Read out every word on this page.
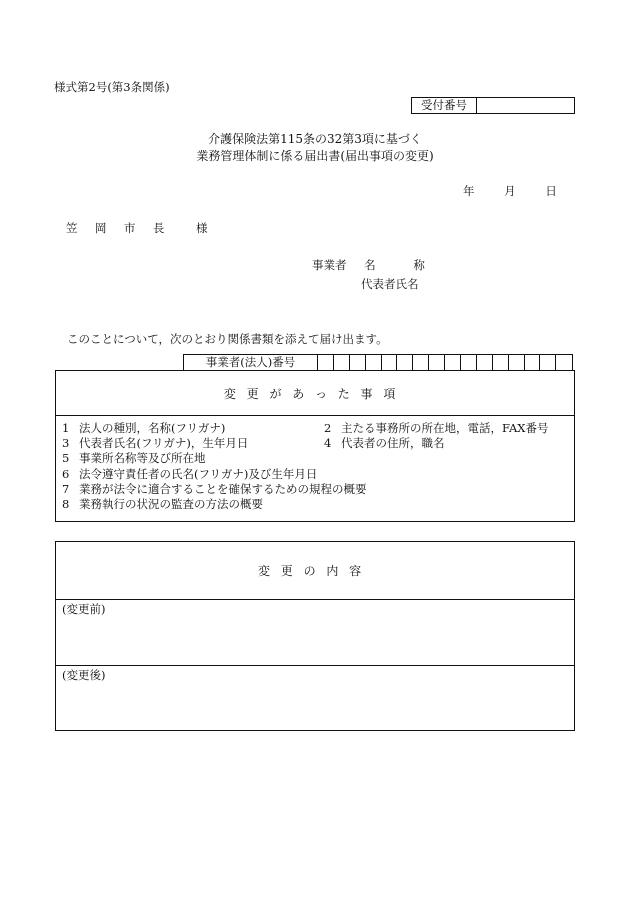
様式第2号(第3条関係)
受付番号
介護保険法第115条の32第3項に基づく
業務管理体制に係る届出書(届出事項の変更)
年	月	日
笠 岡 市 長 様
事業者 名	称
代表者氏名
このことについて，次のとおり関係書類を添えて届け出ます。
事業者(法人)番号
変更があった事項
1 法人の種別，名称(フリガナ)	2 主たる事務所の所在地，電話，FAX番号
3 代表者氏名(フリガナ)，生年月日	4 代表者の住所，職名
5 事業所名称等及び所在地
6 法令遵守責任者の氏名(フリガナ)及び生年月日
7 業務が法令に適合することを確保するための規程の概要
8 業務執行の状況の監査の方法の概要
変更の内容
(変更前)
(変更後)
